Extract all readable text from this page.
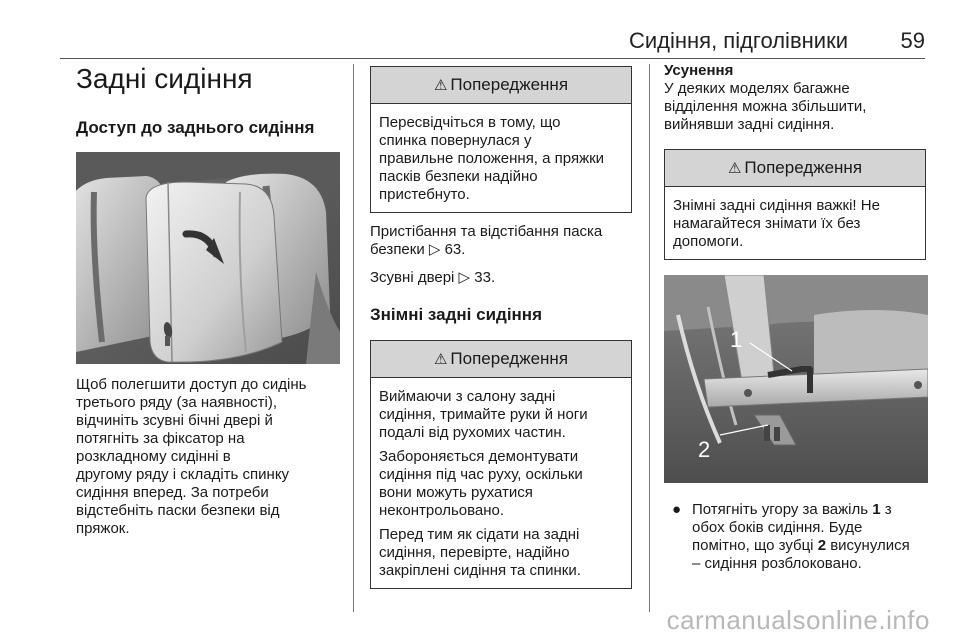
Сидіння, підголівники 59
Задні сидіння
Доступ до заднього сидіння
Щоб полегшити доступ до сидінь
третього ряду (за наявності),
відчиніть зсувні бічні двері й
потягніть за фіксатор на
розкладному сидінні в
другому ряду і складіть спинку
сидіння вперед. За потреби
відстебніть паски безпеки від
пряжок.
⚠ Попередження
Пересвідчіться в тому, що
спинка повернулася у
правильне положення, а пряжки
пасків безпеки надійно
пристебнуто.
Пристібання та відстібання паска
безпеки ▷ 63.
Зсувні двері ▷ 33.
Знімні задні сидіння
⚠ Попередження
Виймаючи з салону задні
сидіння, тримайте руки й ноги
подалі від рухомих частин.
Забороняється демонтувати
сидіння під час руху, оскільки
вони можуть рухатися
неконтрольовано.
Перед тим як сідати на задні
сидіння, перевірте, надійно
закріплені сидіння та спинки.
Усунення
У деяких моделях багажне
відділення можна збільшити,
вийнявши задні сидіння.
⚠ Попередження
Знімні задні сидіння важкі! Не
намагайтеся знімати їх без
допомоги.
1
2
● Потягніть угору за важіль 1 з
обох боків сидіння. Буде
помітно, що зубці 2 висунулися
– сидіння розблоковано.
carmanualsonline.info
